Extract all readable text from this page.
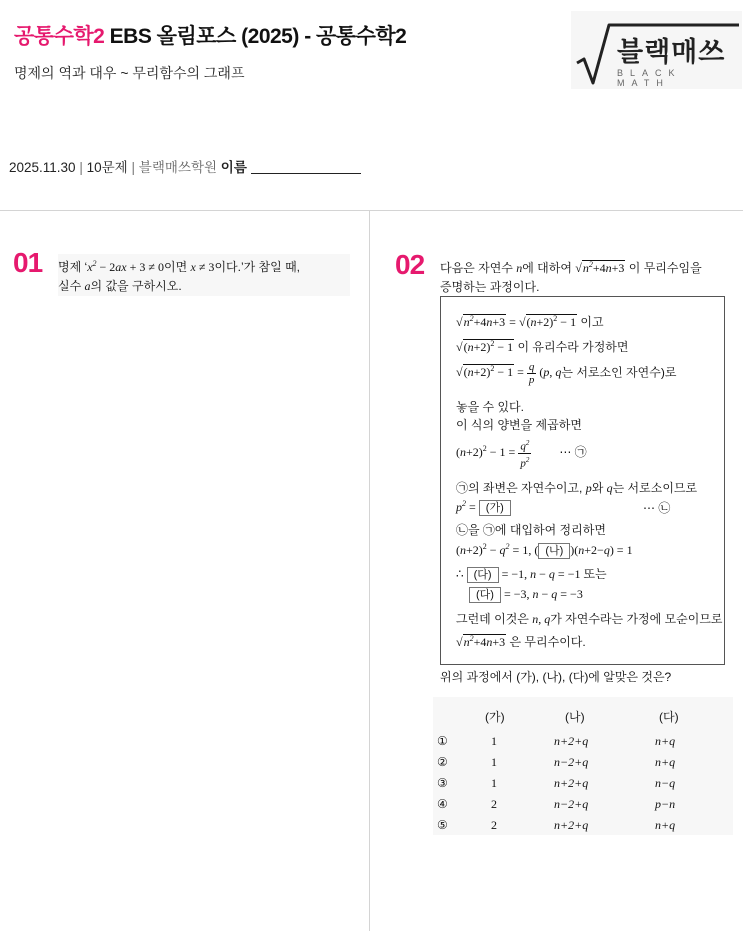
공통수학2 EBS 올림포스 (2025) - 공통수학2
명제의 역과 대우 ~ 무리함수의 그래프
블랙매쓰
BLACK MATH
2025.11.30 | 10문제 | 블랙매쓰학원 이름
01 명제 ‘$x^2 - 2ax + 3 \ne 0$이면 x ≠ 3이다.’가 참일 때,
실수 a의 값을 구하시오.
02 다음은 자연수 n에 대하여 $√n^2+4n+3$ 이 무리수임을
증명하는 과정이다.
$√n^2+4n+3 = √(n+2)^2 - 1$ 이고
$√(n+2)^2 - 1$ 이 유리수라 가정하면
$√(n+2)^2 - 1 = \frac{q}{p} (p$, q는 서로소인 자연수)로
놓을 수 있다.
이 식의 양변을 제곱하면
$(n+2)^2 - 1 = \frac{q^2}{p^2}$ ⋯ ㉠
㉠의 좌변은 자연수이고, p와 q는 서로소이므로
$p^2$ = (가)	⋯ ㉡
㉡을 ㉠에 대입하여 정리하면
$(n+2)^2 - q^2 = 1$, ( (나) )(n+2−q) = 1
∴ (다) = −1, n − q = −1 또는
(다) = −3, n − q = −3
그런데 이것은 n, q가 자연수라는 가정에 모순이므로
$√n^2+4n+3$ 은 무리수이다.
위의 과정에서 (가), (나), (다)에 알맞은 것은?
(가)	(나)	(다)
①	1	n+2+q	n+q
②	1	n−2+q	n+q
③	1	n+2+q	n−q
④	2	n−2+q	p−n
⑤	2	n+2+q	n+q
